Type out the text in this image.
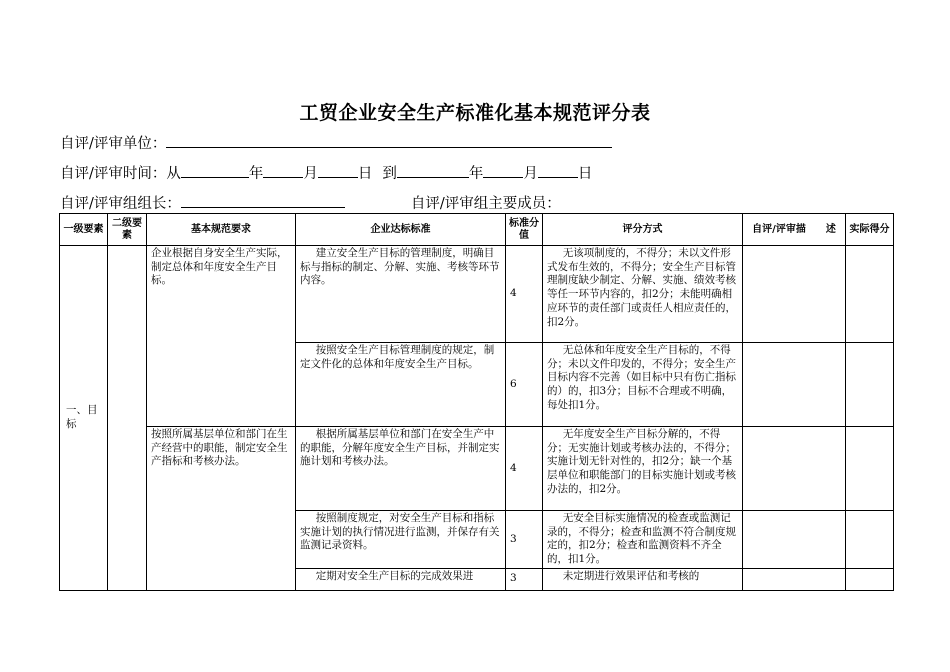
工贸企业安全生产标准化基本规范评分表
自评/评审单位：
自评/评审时间：从	年	月	日 到	年	月	日
自评/评审组组长：	自评/评审组主要成员：
一级要素	二级要素	基本规范要求	企业达标标准	标准分值	评分方式	自评/评审描　　述	实际得分
一、目标		企业根据自身安全生产实际，制定总体和年度安全生产目标。	建立安全生产目标的管理制度，明确目标与指标的制定、分解、实施、考核等环节内容。	4	无该项制度的，不得分；未以文件形式发布生效的，不得分；安全生产目标管理制度缺少制定、分解、实施、绩效考核等任一环节内容的，扣2分；未能明确相应环节的责任部门或责任人相应责任的，扣2分。		
			按照安全生产目标管理制度的规定，制定文件化的总体和年度安全生产目标。	6	无总体和年度安全生产目标的，不得分；未以文件印发的，不得分；安全生产目标内容不完善（如目标中只有伤亡指标的）的，扣3分；目标不合理或不明确，每处扣1分。		
		按照所属基层单位和部门在生产经营中的职能，制定安全生产指标和考核办法。	根据所属基层单位和部门在安全生产中的职能，分解年度安全生产目标，并制定实施计划和考核办法。	4	无年度安全生产目标分解的，不得分；无实施计划或考核办法的，不得分；实施计划无针对性的，扣2分；缺一个基层单位和职能部门的目标实施计划或考核办法的，扣2分。		
			按照制度规定，对安全生产目标和指标实施计划的执行情况进行监测，并保存有关监测记录资料。	3	无安全目标实施情况的检查或监测记录的，不得分；检查和监测不符合制度规定的，扣2分；检查和监测资料不齐全的，扣1分。		
			定期对安全生产目标的完成效果进	3	未定期进行效果评估和考核的		
